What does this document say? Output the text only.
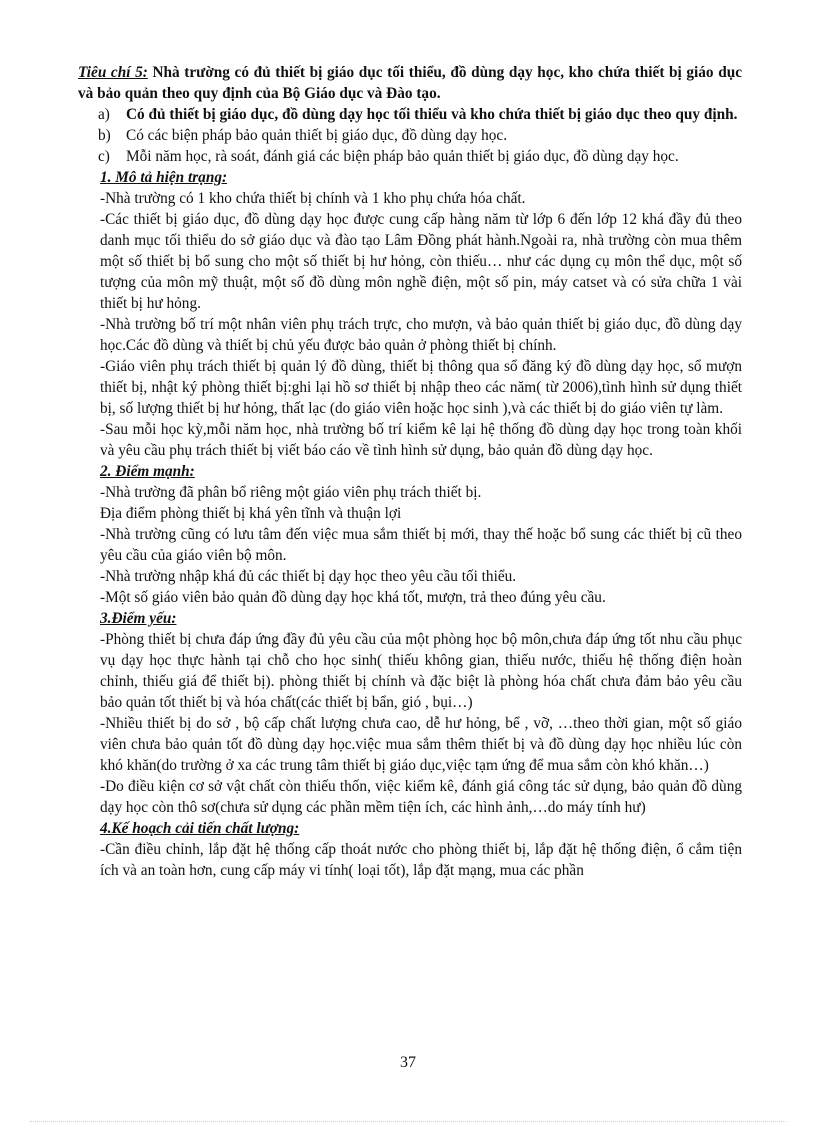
Tiêu chí 5: Nhà trường có đủ thiết bị giáo dục tối thiểu, đồ dùng dạy học, kho chứa thiết bị giáo dục và bảo quản theo quy định của Bộ Giáo dục và Đào tạo.

a)	Có đủ thiết bị giáo dục, đồ dùng dạy học tối thiểu và kho chứa thiết bị giáo dục theo quy định.
b) Có các biện pháp bảo quản thiết bị giáo dục, đồ dùng dạy học.
c)	Mỗi năm học, rà soát, đánh giá các biện pháp bảo quản thiết bị giáo dục, đồ dùng dạy học.

1. Mô tả hiện trạng:

-Nhà trường có 1 kho chứa thiết bị chính và 1 kho phụ chứa hóa chất.

-Các thiết bị giáo dục, đồ dùng dạy học được cung cấp hàng năm từ lớp 6 đến lớp 12 khá đầy đủ theo danh mục tối thiểu do sở giáo dục và đào tạo Lâm Đồng phát hành.Ngoài ra, nhà trường còn mua thêm một số thiết bị bổ sung cho một số thiết bị hư hỏng, còn thiếu… như các dụng cụ môn thể dục, một số tượng của môn mỹ thuật, một số đồ dùng môn nghề điện, một số pin, máy catset và có sửa chữa 1 vài thiết bị hư hỏng.

-Nhà trường bố trí một nhân viên phụ trách trực, cho mượn, và bảo quản thiết bị giáo dục, đồ dùng dạy học.Các đồ dùng và thiết bị chủ yếu được bảo quản ở phòng thiết bị chính.

-Giáo viên phụ trách thiết bị quản lý đồ dùng, thiết bị thông qua sổ đăng ký đồ dùng dạy học, sổ mượn thiết bị, nhật ký phòng thiết bị:ghi lại hồ sơ thiết bị nhập theo các năm( từ 2006),tình hình sử dụng thiết bị, số lượng thiết bị hư hỏng, thất lạc (do giáo viên hoặc học sinh ),và các thiết bị do giáo viên tự làm.

-Sau mỗi học kỳ,mỗi năm học, nhà trường bố trí kiểm kê lại hệ thống đồ dùng dạy học trong toàn khối và yêu cầu phụ trách thiết bị viết báo cáo về tình hình sử dụng, bảo quản đồ dùng dạy học.

2. Điểm mạnh:

-Nhà trường đã phân bổ riêng một giáo viên phụ trách thiết bị.

Địa điểm phòng thiết bị khá yên tĩnh và thuận lợi

-Nhà trường cũng có lưu tâm đến việc mua sắm thiết bị mới, thay thế hoặc bổ sung các thiết bị cũ theo yêu cầu của giáo viên bộ môn.

-Nhà trường nhập khá đủ các thiết bị dạy học theo yêu cầu tối thiểu.

-Một số giáo viên bảo quản đồ dùng dạy học khá tốt, mượn, trả theo đúng yêu cầu.

3.Điểm yếu:

-Phòng thiết bị chưa đáp ứng đầy đủ yêu cầu của một phòng học bộ môn,chưa đáp ứng tốt nhu cầu phục vụ dạy học thực hành tại chỗ cho học sinh( thiếu không gian, thiếu nước, thiếu hệ thống điện hoàn chỉnh, thiếu giá để thiết bị). phòng thiết bị chính và đặc biệt là phòng hóa chất chưa đảm bảo yêu cầu bảo quản tốt thiết bị và hóa chất(các thiết bị bẩn, gió , bụi…)

-Nhiều thiết bị do sở , bộ cấp chất lượng chưa cao, dễ hư hỏng, bể , vỡ, …theo thời gian, một số giáo viên chưa bảo quản tốt đồ dùng dạy học.việc mua sắm thêm thiết bị và đồ dùng dạy học nhiều lúc còn khó khăn(do trường ở xa các trung tâm thiết bị giáo dục,việc tạm ứng để mua sắm còn khó khăn…)

-Do điều kiện cơ sở vật chất còn thiếu thốn, việc kiểm kê, đánh giá công tác sử dụng, bảo quản đồ dùng dạy học còn thô sơ(chưa sử dụng các phần mềm tiện ích, các hình ảnh,…do máy tính hư)

4.Kế hoạch cải tiến chất lượng:

-Cần điều chỉnh, lắp đặt hệ thống cấp thoát nước cho phòng thiết bị, lắp đặt hệ thống điện, ổ cắm tiện ích và an toàn hơn, cung cấp máy vi tính( loại tốt), lắp đặt mạng, mua các phần

37
